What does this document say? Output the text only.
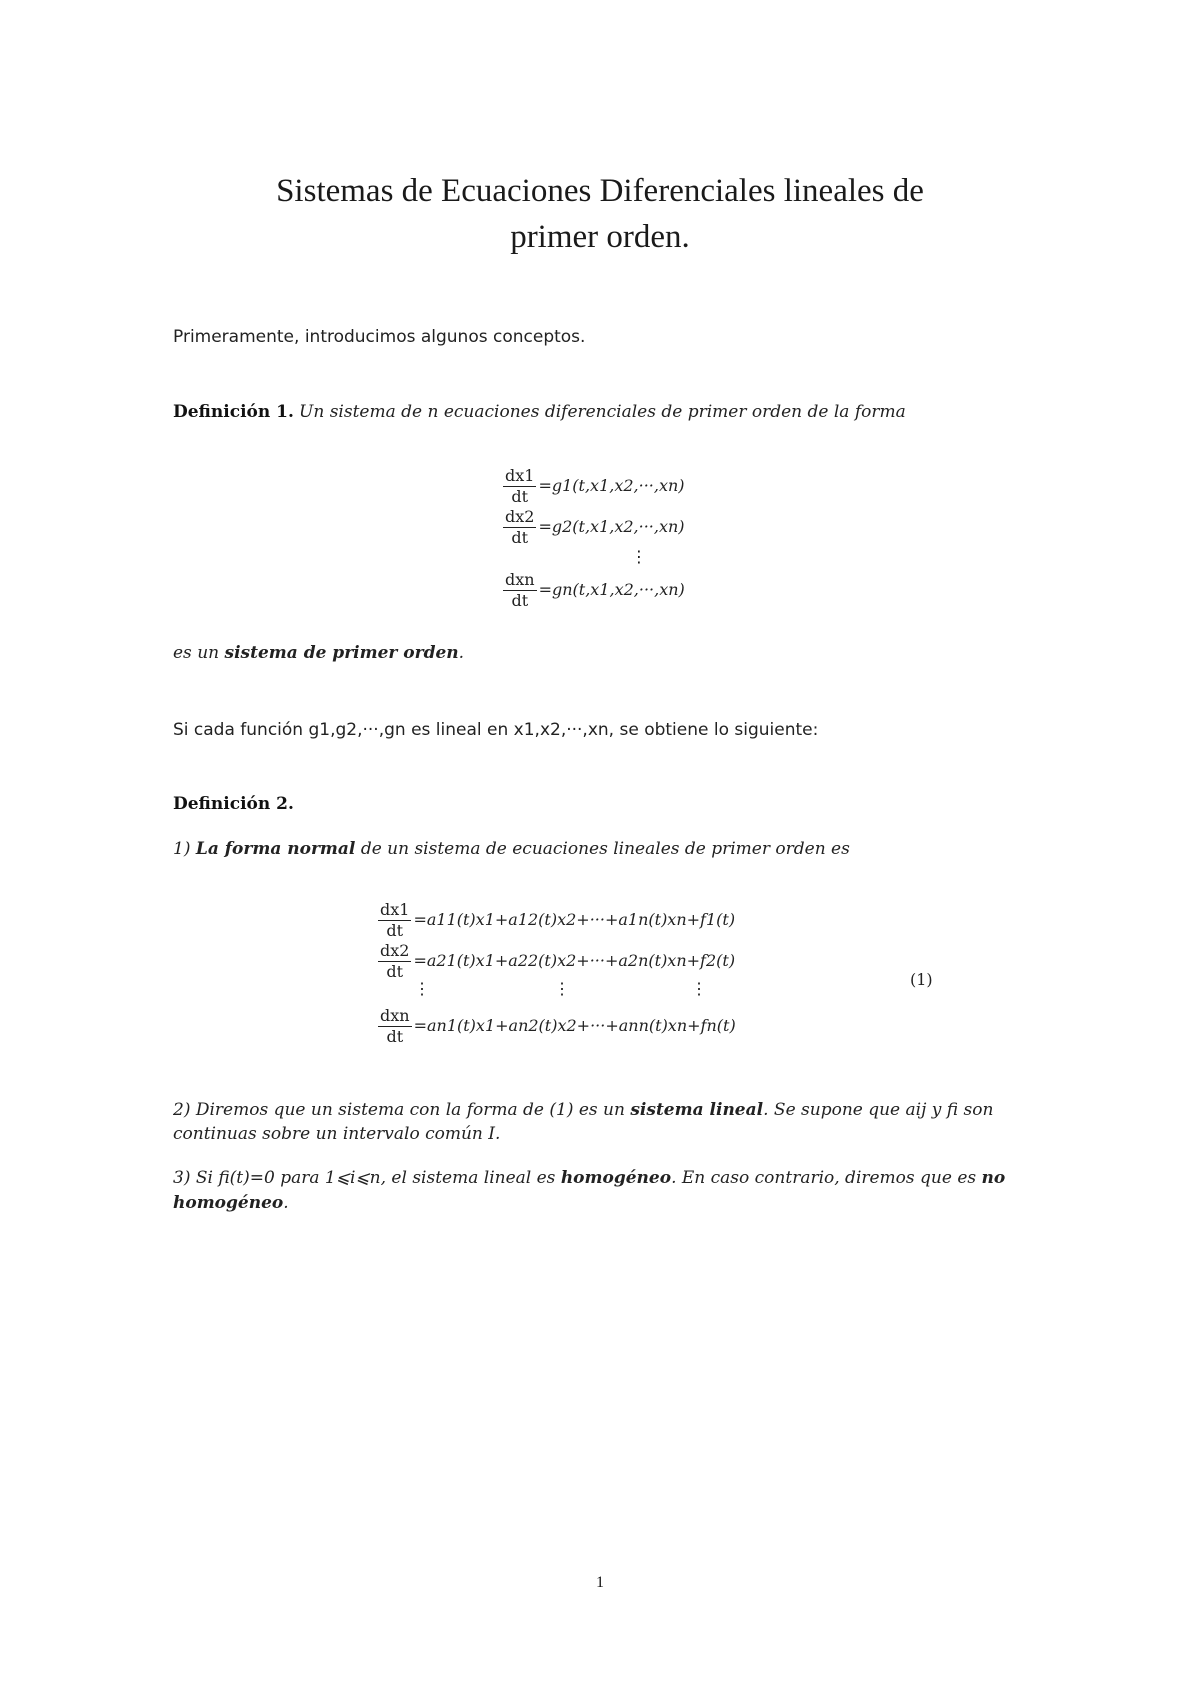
Sistemas de Ecuaciones Diferenciales lineales de
primer orden.
Primeramente, introducimos algunos conceptos.
Definición 1. Un sistema de n ecuaciones diferenciales de primer orden de la forma
$\frac{dx1}{dt} =g1(t,x1,x2,\cdot\cdot\cdot,xn)$
$\frac{dx2}{dt} =g2(t,x1,x2,\cdot\cdot\cdot,xn)$
⋮
$\frac{\text{dxn}}{dt} =gn(t,x1,x2,\cdot\cdot\cdot,xn)$
es un sistema de primer orden.
Si cada función g1,g2,···,gn es lineal en x1,x2,···,xn, se obtiene lo siguiente:
Definición 2.
1) La forma normal de un sistema de ecuaciones lineales de primer orden es
$\frac{dx1}{dt} =a11(t)x1+a12(t)x2+\cdot\cdot\cdot+a1n(t)xn+f1(t)$
$\frac{dx2}{dt} =a21(t)x1+a22(t)x2+\cdot\cdot\cdot+a2n(t)xn+f2(t)$
⋮	⋮	⋮
$\frac{\text{dxn}}{dt} =an1(t)x1+an2(t)x2+\cdot\cdot\cdot+ann(t)xn+fn(t)$
(1)
2) Diremos que un sistema con la forma de (1) es un sistema lineal. Se supone que aij y fi son
continuas sobre un intervalo común I.
3) Si fi(t)=0 para 1⩽i⩽n, el sistema lineal es homogéneo. En caso contrario, diremos que es no
homogéneo.
1
